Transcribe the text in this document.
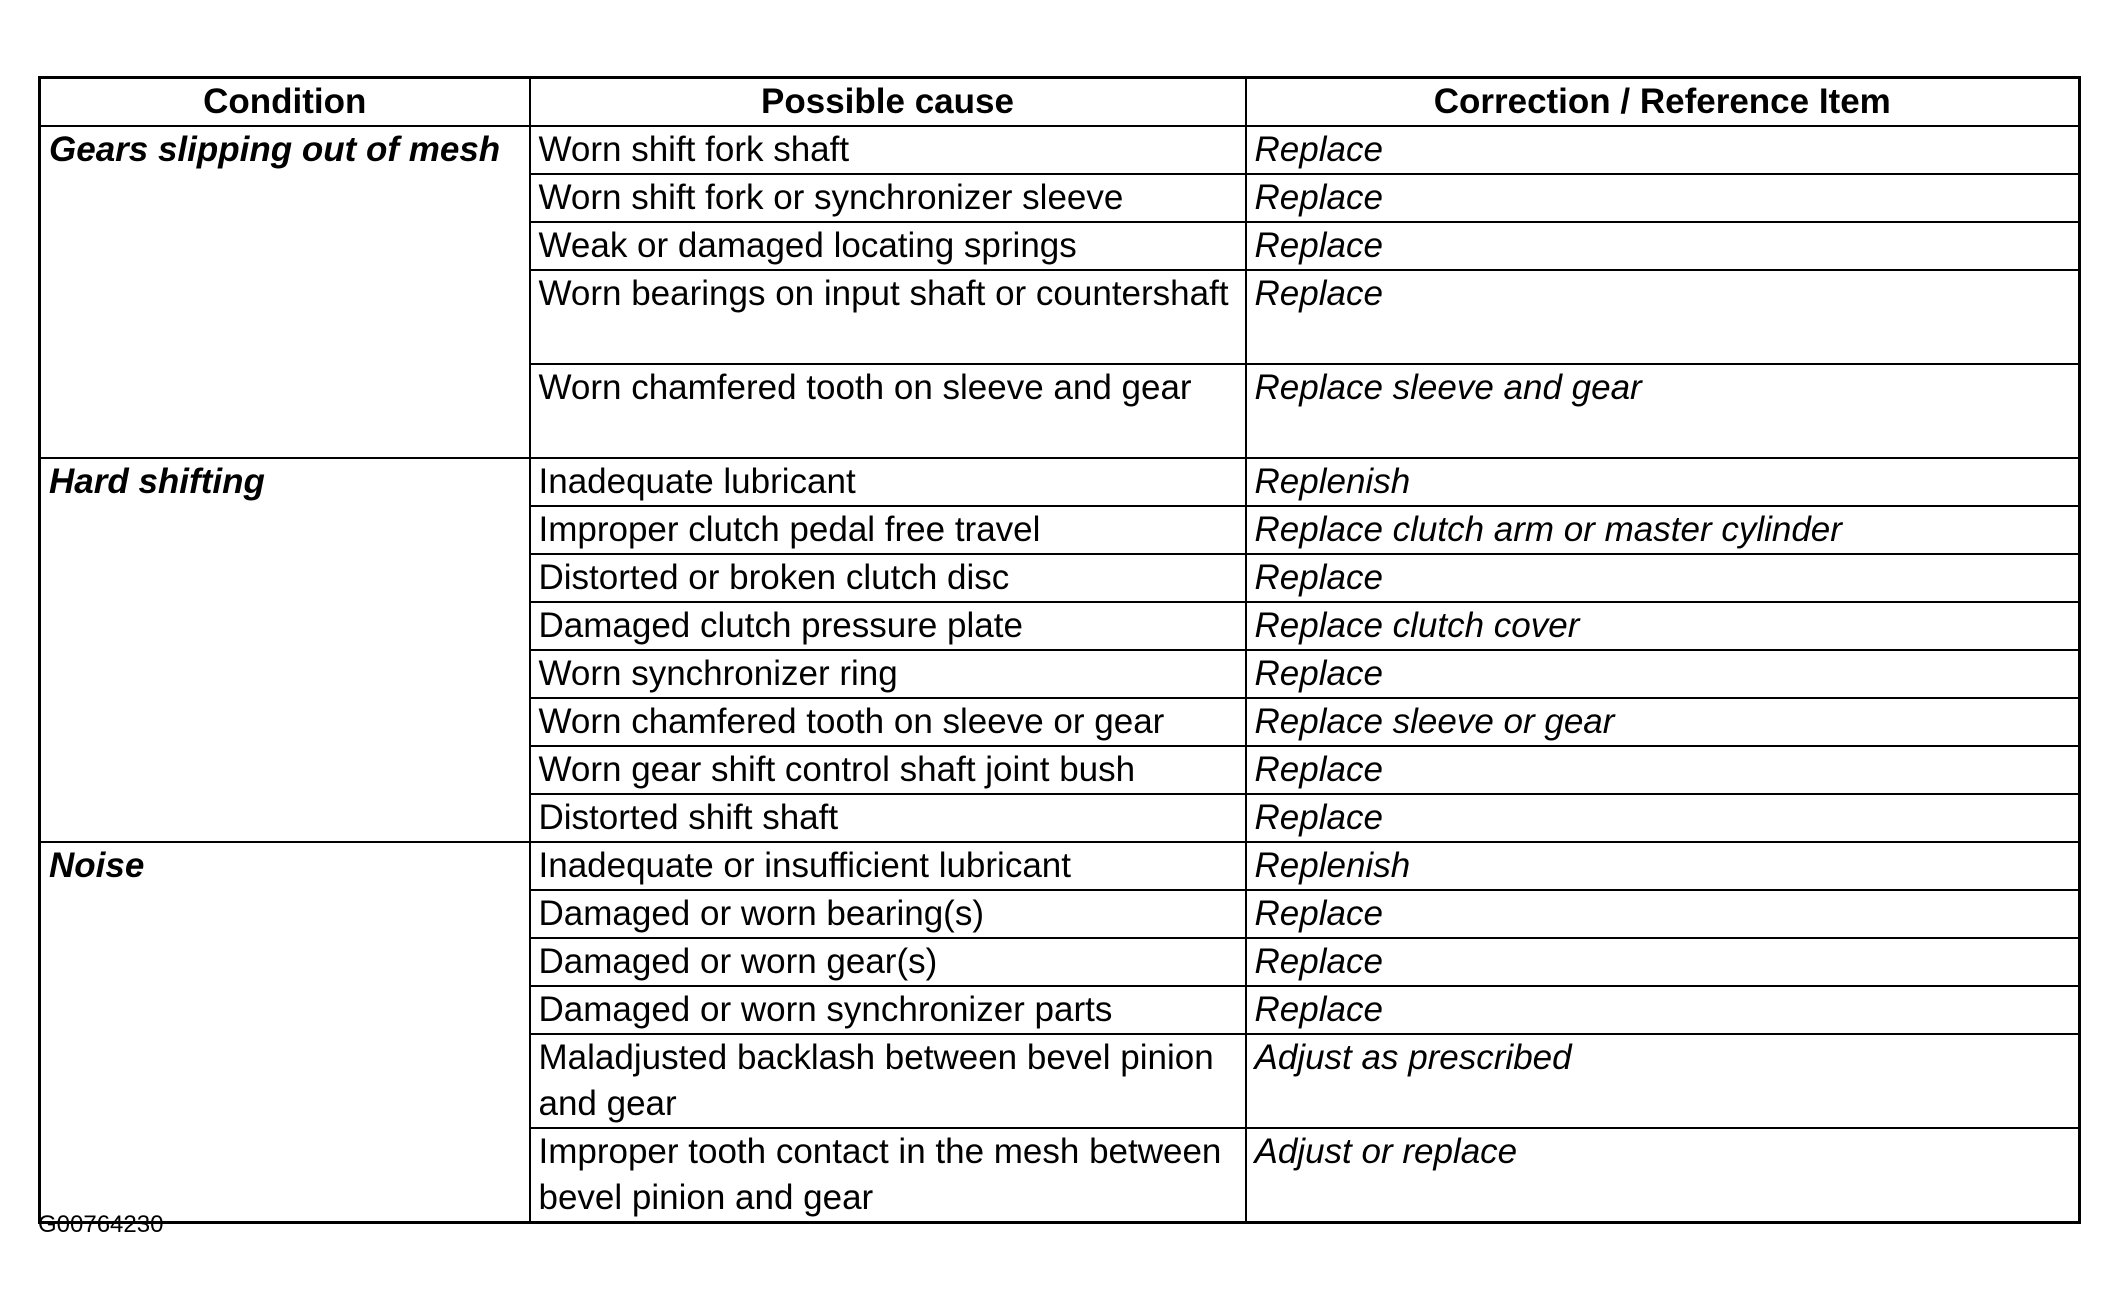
Condition	Possible cause	Correction / Reference Item
Gears slipping out of mesh	Worn shift fork shaft	Replace
	Worn shift fork or synchronizer sleeve	Replace
	Weak or damaged locating springs	Replace
	Worn bearings on input shaft or countershaft	Replace
	Worn chamfered tooth on sleeve and gear	Replace sleeve and gear
Hard shifting	Inadequate lubricant	Replenish
	Improper clutch pedal free travel	Replace clutch arm or master cylinder
	Distorted or broken clutch disc	Replace
	Damaged clutch pressure plate	Replace clutch cover
	Worn synchronizer ring	Replace
	Worn chamfered tooth on sleeve or gear	Replace sleeve or gear
	Worn gear shift control shaft joint bush	Replace
	Distorted shift shaft	Replace
Noise	Inadequate or insufficient lubricant	Replenish
	Damaged or worn bearing(s)	Replace
	Damaged or worn gear(s)	Replace
	Damaged or worn synchronizer parts	Replace
	Maladjusted backlash between bevel pinion and gear	Adjust as prescribed
	Improper tooth contact in the mesh between bevel pinion and gear	Adjust or replace
G00764230
